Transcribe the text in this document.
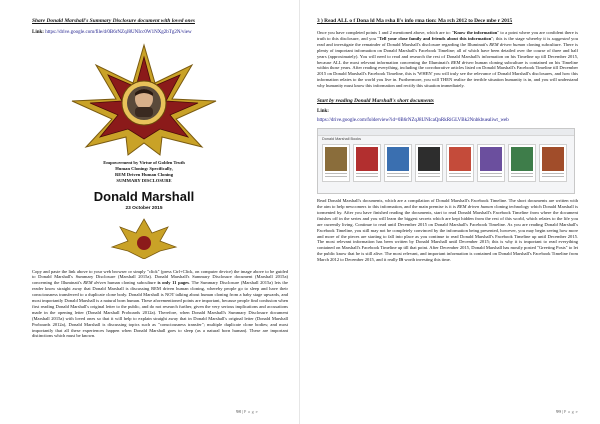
Share Donald Marshall's Summary Disclosure document with loved ones
Link: https://drive.google.com/file/d/0B6rNZqJ8UNIcc0W1NXg2bTg2N/view
Empowerment by Virtue of Golden Truth
Human Cloning: Specifically,
REM Driven Human Cloning
SUMMARY DISCLOSURE
Donald Marshall
23 October 2015

Copy and paste the link above to your web browser or simply "click" (press Ctrl+Click, on computer device) the image above to be guided to Donald Marshall's Summary Disclosure (Marshall 2015a). Donald Marshall's Summary Disclosure document (Marshall 2015a) concerning the Illuminati's REM driven human cloning subculture is only 11 pages. The Summary Disclosure (Marshall 2015a) lets the reader know straight away that Donald Marshall is discussing REM driven human cloning, whereby people go to sleep and have their consciousness transferred to a duplicate clone body. Donald Marshall is NOT talking about human cloning from a baby stage upwards, and most importantly Donald Marshall is a natural born human. These aforementioned points are important, because people find confusion when first reading Donald Marshall's original letter to the public, and do not research further, given the very serious implications and accusations made in the opening letter (Donald Marshall Proboards 2012a). Therefore, when Donald Marshall's Summary Disclosure document (Marshall 2015a) with loved ones so that it will help to explain straight away that in Donald Marshall's original letter (Donald Marshall Proboards 2012a), Donald Marshall is discussing topics such as "consciousness transfer"; multiple duplicate clone bodies; and most importantly that all these experiences happen when Donald Marshall goes to sleep (as a natural born human). These are important distinctions which must be known.

98|P a g e
3 ) Read ALL o f Dona ld Ma rsha ll's info rma tion: Ma rch 2012 to Dece mbe r 2015

Once you have completed points 1 and 2 mentioned above, which are to: "Know the information" to a point where you are confident there is truth to this disclosure, and you "Tell your close family and friends about this information"; this is the stage whereby it is suggested you read and investigate the remainder of Donald Marshall's disclosure regarding the Illuminati's REM driven human cloning subculture. There is plenty of important information on Donald Marshall's Facebook Timeline; all of which have been detailed over the course of three and half years (approximately). You will need to read and research the rest of Donald Marshall's information on his Timeline up till December 2015, because ALL the most relevant information concerning the Illuminati's REM driven human cloning subculture is contained on his Timeline within those years. After reading everything, including the corroborative articles listed on Donald Marshall's Facebook Timeline till December 2015 on Donald Marshall's Facebook Timeline, this is 'WHEN' you will truly see the relevance of Donald Marshall's disclosures, and how this information relates to the world you live in. Furthermore, you will THEN realise the terrible situation humanity is in, and you will understand why humanity must know this information and rectify this situation immediately.

Start by reading Donald Marshall's short documents
Link:
https://drive.google.com/folderview?id=0B6rNZqJ8UNIcaQnRkRiGLVBk2Nnbkbuealiwt_web
Donald Marshall Books

Read Donald Marshall's documents, which are a compilation of Donald Marshall's Facebook Timeline. The short documents are written with the aim to help newcomers to this information, and the main premise is it is REM driven human cloning technology which Donald Marshall is tormented by. After you have finished reading the documents, start to read Donald Marshall's Facebook Timeline from where the document finishes off in the series and you will learn the biggest secrets which are kept hidden from the rest of this world, which relates to the life you are currently living. Continue to read until December 2015 on Donald Marshall's Facebook Timeline. As you are reading Donald Marshall's Facebook Timeline, you still may not be completely convinced by the information being presented, however, you may begin seeing how more and more of the pieces are starting to fall into place as you continue to read Donald Marshall's Facebook Timeline up until December 2015. The most relevant information has been written by Donald Marshall until December 2015; this is why it is important to read everything contained on Marshall's Facebook Timeline up till that point. After December 2015, Donald Marshall has mostly posted "Greeting Posts" to let the public know that he is still alive. The most relevant, and important information is contained on Donald Marshall's Facebook Timeline from March 2012 to December 2015, and it really IS worth investing this time.

99|P a g e
